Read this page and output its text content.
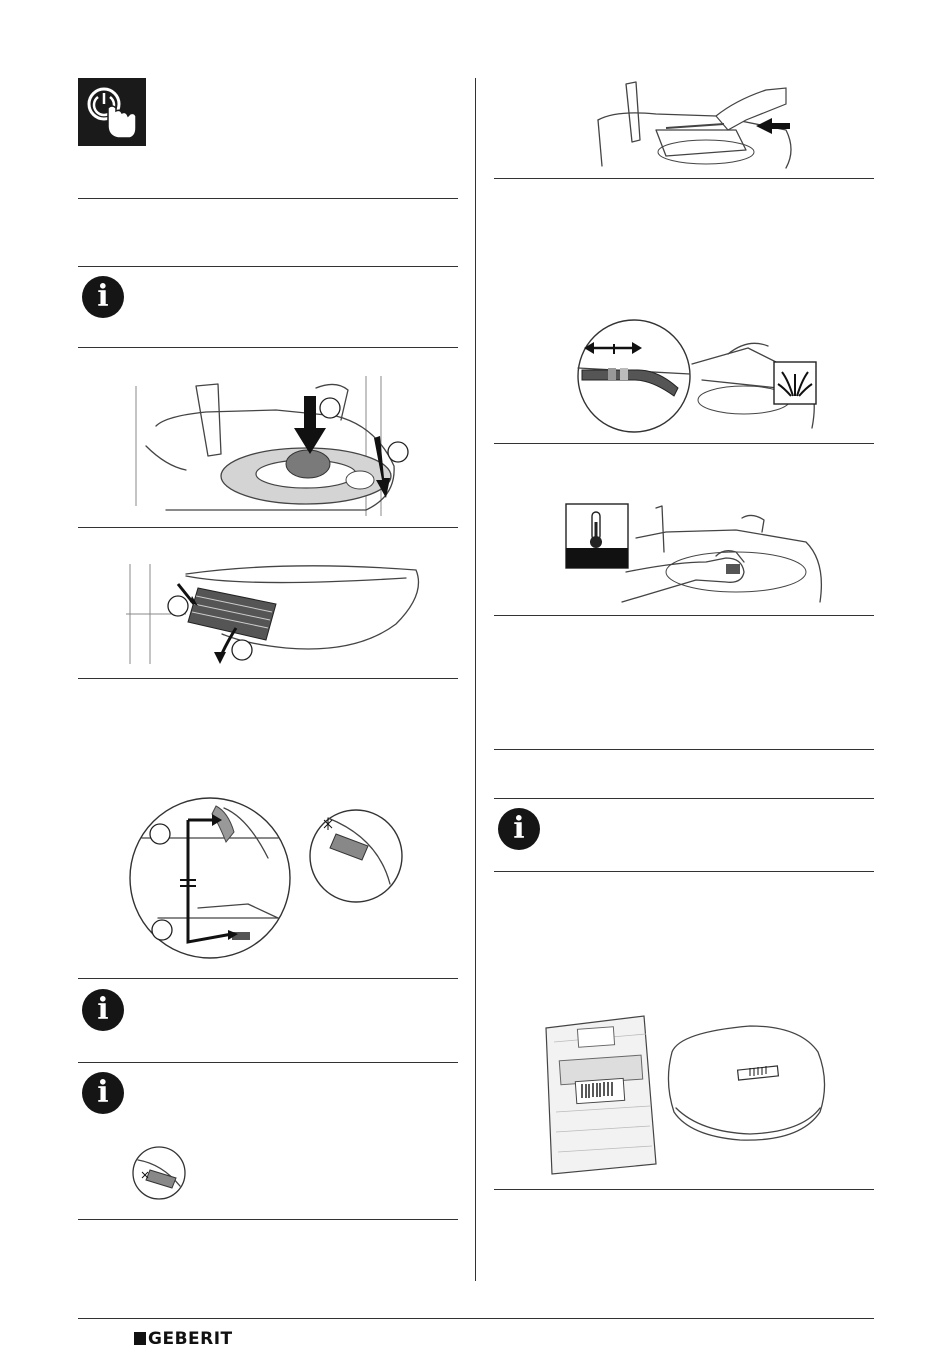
i
i
i
i
GEBERIT
